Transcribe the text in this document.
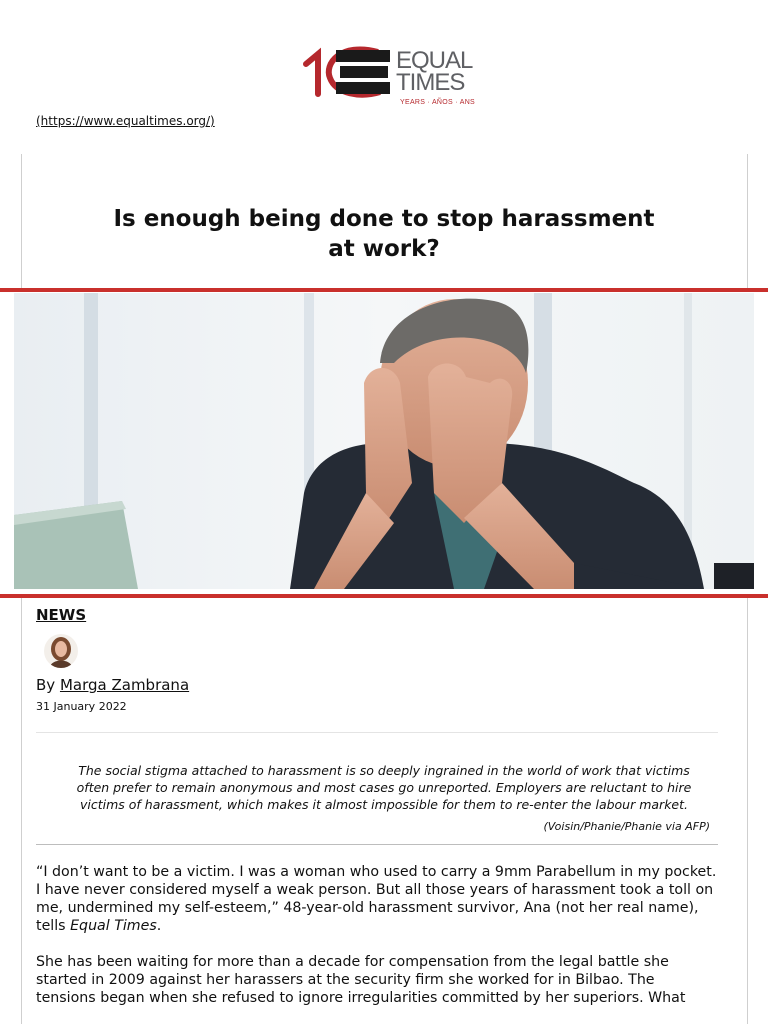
EQUAL
TIMES
YEARS · AÑOS · ANS
(https://www.equaltimes.org/)
Is enough being done to stop harassment
at work?
NEWS
By Marga Zambrana
31 January 2022
The social stigma attached to harassment is so deeply ingrained in the world of work that victims
often prefer to remain anonymous and most cases go unreported. Employers are reluctant to hire
victims of harassment, which makes it almost impossible for them to re-enter the labour market.
(Voisin/Phanie/Phanie via AFP)
“I don’t want to be a victim. I was a woman who used to carry a 9mm Parabellum in my pocket.
I have never considered myself a weak person. But all those years of harassment took a toll on
me, undermined my self-esteem,” 48-year-old harassment survivor, Ana (not her real name),
tells Equal Times.
She has been waiting for more than a decade for compensation from the legal battle she
started in 2009 against her harassers at the security firm she worked for in Bilbao. The
tensions began when she refused to ignore irregularities committed by her superiors. What
